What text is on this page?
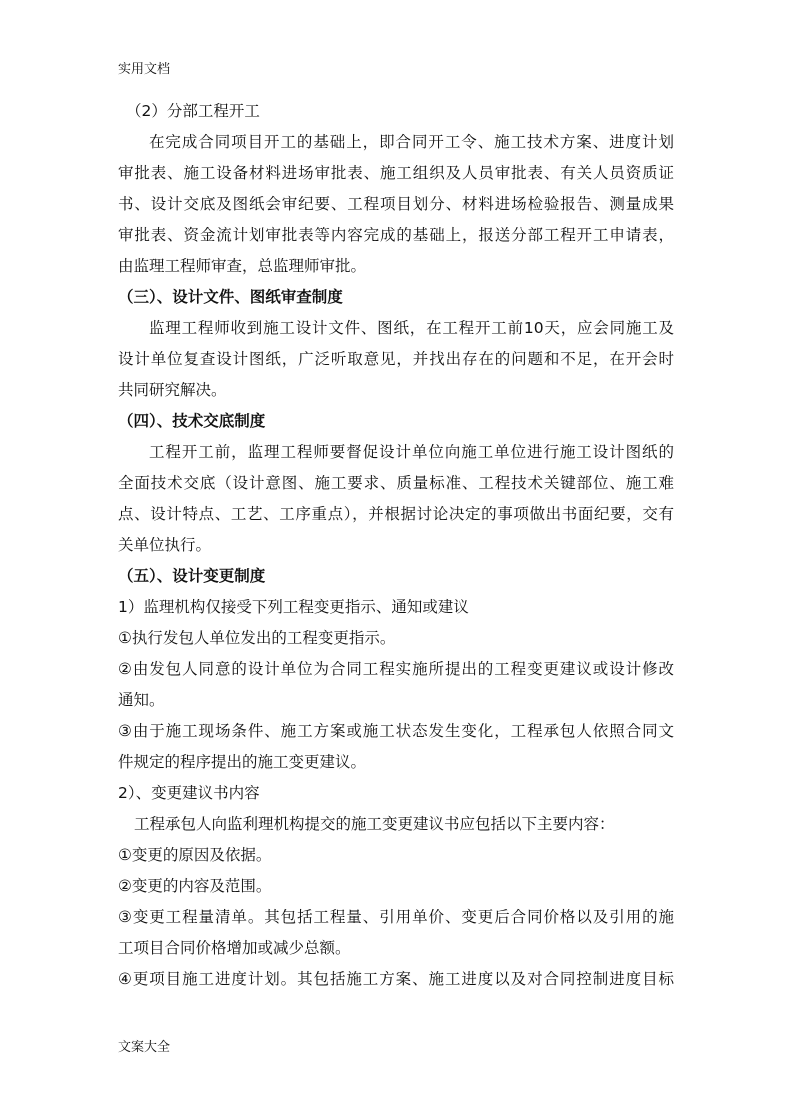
实用文档
（2）分部工程开工
在完成合同项目开工的基础上，即合同开工令、施工技术方案、进度计划
审批表、施工设备材料进场审批表、施工组织及人员审批表、有关人员资质证
书、设计交底及图纸会审纪要、工程项目划分、材料进场检验报告、测量成果
审批表、资金流计划审批表等内容完成的基础上，报送分部工程开工申请表，
由监理工程师审查，总监理师审批。
（三）、设计文件、图纸审查制度
监理工程师收到施工设计文件、图纸，在工程开工前10天，应会同施工及
设计单位复查设计图纸，广泛听取意见，并找出存在的问题和不足，在开会时
共同研究解决。
（四）、技术交底制度
工程开工前，监理工程师要督促设计单位向施工单位进行施工设计图纸的
全面技术交底（设计意图、施工要求、质量标准、工程技术关键部位、施工难
点、设计特点、工艺、工序重点），并根据讨论决定的事项做出书面纪要，交有
关单位执行。
（五）、设计变更制度
1）监理机构仅接受下列工程变更指示、通知或建议
①执行发包人单位发出的工程变更指示。
②由发包人同意的设计单位为合同工程实施所提出的工程变更建议或设计修改
通知。
③由于施工现场条件、施工方案或施工状态发生变化，工程承包人依照合同文
件规定的程序提出的施工变更建议。
2）、变更建议书内容
工程承包人向监利理机构提交的施工变更建议书应包括以下主要内容：
①变更的原因及依据。
②变更的内容及范围。
③变更工程量清单。其包括工程量、引用单价、变更后合同价格以及引用的施
工项目合同价格增加或减少总额。
④更项目施工进度计划。其包括施工方案、施工进度以及对合同控制进度目标
文案大全
